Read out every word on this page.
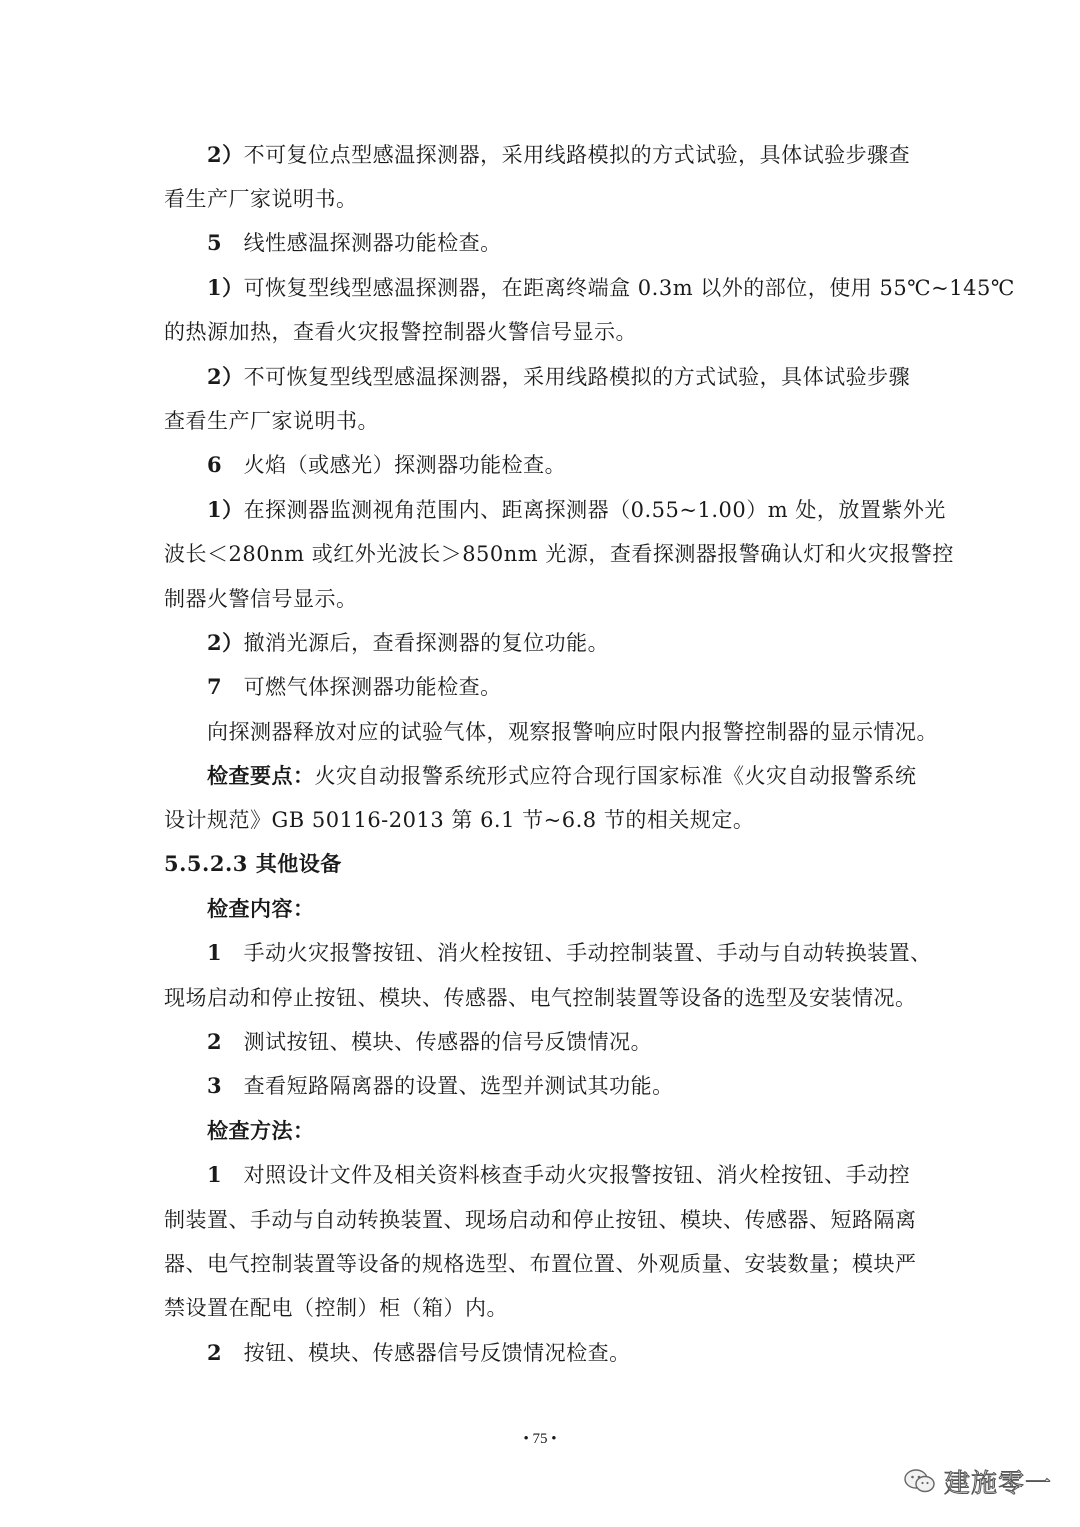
2）不可复位点型感温探测器，采用线路模拟的方式试验，具体试验步骤查
看生产厂家说明书。
5　线性感温探测器功能检查。
1）可恢复型线型感温探测器，在距离终端盒 0.3m 以外的部位，使用 55℃~145℃
的热源加热，查看火灾报警控制器火警信号显示。
2）不可恢复型线型感温探测器，采用线路模拟的方式试验，具体试验步骤
查看生产厂家说明书。
6　火焰（或感光）探测器功能检查。
1）在探测器监测视角范围内、距离探测器（0.55~1.00）m 处，放置紫外光
波长＜280nm 或红外光波长＞850nm 光源，查看探测器报警确认灯和火灾报警控
制器火警信号显示。
2）撤消光源后，查看探测器的复位功能。
7　可燃气体探测器功能检查。
向探测器释放对应的试验气体，观察报警响应时限内报警控制器的显示情况。
检查要点：火灾自动报警系统形式应符合现行国家标准《火灾自动报警系统
设计规范》GB 50116-2013 第 6.1 节~6.8 节的相关规定。
5.5.2.3 其他设备
检查内容：
1　手动火灾报警按钮、消火栓按钮、手动控制装置、手动与自动转换装置、
现场启动和停止按钮、模块、传感器、电气控制装置等设备的选型及安装情况。
2　测试按钮、模块、传感器的信号反馈情况。
3　查看短路隔离器的设置、选型并测试其功能。
检查方法：
1　对照设计文件及相关资料核查手动火灾报警按钮、消火栓按钮、手动控
制装置、手动与自动转换装置、现场启动和停止按钮、模块、传感器、短路隔离
器、电气控制装置等设备的规格选型、布置位置、外观质量、安装数量；模块严
禁设置在配电（控制）柜（箱）内。
2　按钮、模块、传感器信号反馈情况检查。
• 75 •
建施零一
